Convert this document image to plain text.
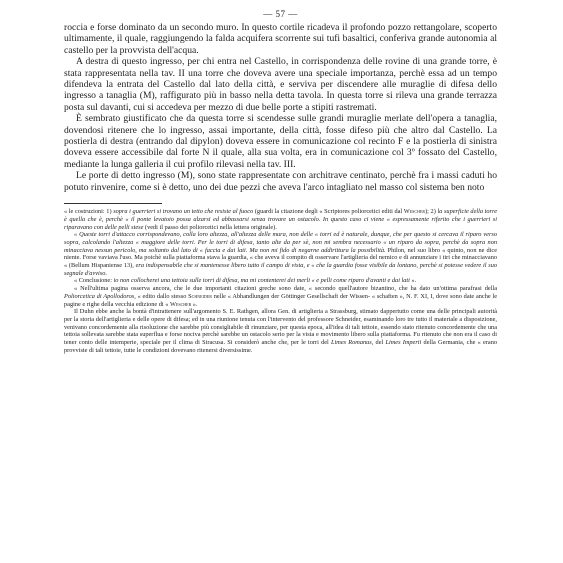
— 57 —

roccia e forse dominato da un secondo muro. In questo cortile ricadeva il profondo pozzo rettangolare, scoperto ultimamente, il quale, raggiungendo la falda acquifera scorrente sui tufi basaltici, conferiva grande autonomia al castello per la provvista dell'acqua.

A destra di questo ingresso, per chi entra nel Castello, in corrispondenza delle rovine di una grande torre, è stata rappresentata nella tav. II una torre che doveva avere una speciale importanza, perchè essa ad un tempo difendeva la entrata del Castello dal lato della città, e serviva per discendere alle muraglie di difesa dello ingresso a tanaglia (M), raffigurato più in basso nella detta tavola. In questa torre si rileva una grande terrazza posta sul davanti, cui si accedeva per mezzo di due belle porte a stipiti rastremati.

È sembrato giustificato che da questa torre si scendesse sulle grandi muraglie merlate dell'opera a tanaglia, dovendosi ritenere che lo ingresso, assai importante, della città, fosse difeso più che altro dal Castello. La postierla di destra (entrando dal dipylon) doveva essere in comunicazione col recinto F e la postierla di sinistra doveva essere accessibile dal forte N il quale, alla sua volta, era in comunicazione col 3º fossato del Castello, mediante la lunga galleria il cui profilo rilevasi nella tav. III.

Le porte di detto ingresso (M), sono state rappresentate con architrave centinato, perchè fra i massi caduti ho potuto rinvenire, come si è detto, uno dei due pezzi che aveva l'arco intagliato nel masso col sistema ben noto

« le costruzioni: 1) sopra i guerrieri si trovano un tetto che resiste al fuoco (guardi la citazione degli « Scriptores poliorcetici editi dal Wescher); 2) la superficie della torre è quella che è, perchè « il ponte levatoio possa alzarsi ed abbassarsi senza trovare un ostacolo. In questo caso ci viene « espressamente riferito che i guerrieri si riparavano con delle pelli stese (vedi il passo dei poliorcetici nella lettera originale).

« Queste torri d'attacco corrispondevano, colla loro altezza, all'altezza delle mura, non delle « torri ed è naturale, dunque, che per questo si cercava il riparo verso sopra, calcolando l'altezza « maggiore delle torri. Per le torri di difesa, tanto alte da per sè, non mi sembra necessario « un riparo da sopra, perchè da sopra non minacciava nessun pericolo, ma soltanto dal lato di « faccia e dai lati. Ma non mi fido di negarne addirittura la possibilità. Philon, nel suo libro « quinto, non ne dice niente. Forse vaviava l'uso. Ma poichè sulla piattaforma stava la guardia, « che aveva il compito di osservare l'artiglieria del nemico e di annunziare i tiri che minacciavano « (Bellum Hispaniense 13), era indispensabile che si mantenesse libero tutto il campo di vista, e « che la guardia fosse visibile da lontano, perchè si potesse vedere il suo segnale d'avviso.

« Conclusione: io non collocherei una tettoia sulle torri di difesa, ma mi contenterei dei merli « e pelli come riparo d'avanti e dai lati ».

« Nell'ultima pagina osserva ancora, che le due importanti citazioni greche sono date, « secondo quell'autore bizantino, che ha dato un'ottima parafrasi della Poliorcetica di Apollodoros, « edito dallo stesso Schneider nelle « Abhandlungen der Göttinger Gesellschaft der Wissen- « schaften », N. F. XI, I, dove sono date anche le pagine e righe della vecchia edizione di « Wescher ».

Il Duhn ebbe anche la bontà d'intrattenere sull'argomento S. E. Rathgen, allora Gen. di artiglieria a Strassburg, stimato dappertutto come una delle principali autorità per la storia dell'artiglieria e delle opere di difesa; ed in una riunione tenuta con l'intervento del professore Schneider, esaminando loro tre tutto il materiale a disposizione, venivano concordemente alla risoluzione che sarebbe più consigliabile di rinunziare, per questa epoca, all'idea di tali tettoie, essendo stato ritenuto concordemente che una tettoia sollevata sarebbe stata superflua e forse nociva perchè sarebbe un ostacolo serio per la vista e movimento libero sulla piattaforma. Fu ritenuto che non era il caso di tener conto delle intemperie, speciale per il clima di Siracusa. Si considerò anche che, per le torri del Limes Romanus, del Limes Imperii della Germania, che « erano provviste di tali tettoie, tutte le condizioni dovevano ritenersi diversissime.
